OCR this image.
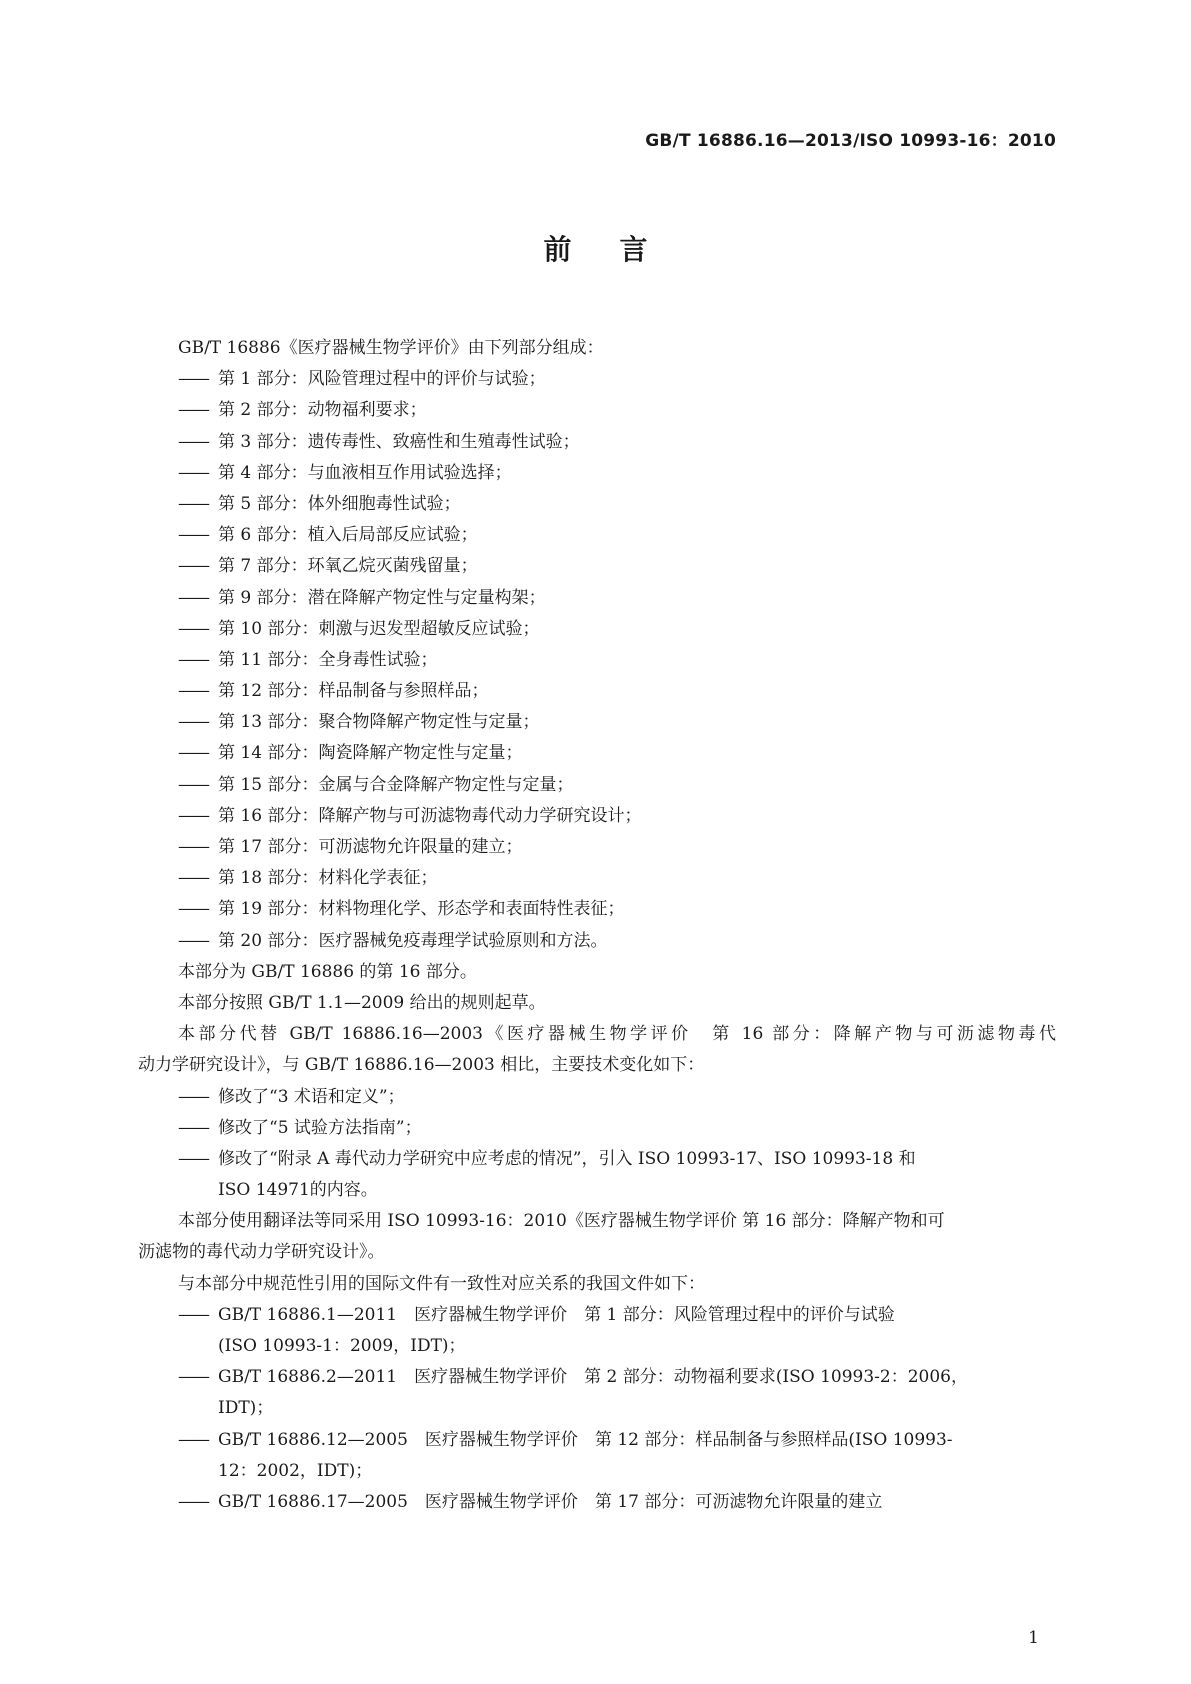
GB/T 16886.16—2013/ISO 10993-16：2010
前言
GB/T 16886《医疗器械生物学评价》由下列部分组成：
—— 第 1 部分：风险管理过程中的评价与试验；
—— 第 2 部分：动物福利要求；
—— 第 3 部分：遗传毒性、致癌性和生殖毒性试验；
—— 第 4 部分：与血液相互作用试验选择；
—— 第 5 部分：体外细胞毒性试验；
—— 第 6 部分：植入后局部反应试验；
—— 第 7 部分：环氧乙烷灭菌残留量；
—— 第 9 部分：潜在降解产物定性与定量构架；
—— 第 10 部分：刺激与迟发型超敏反应试验；
—— 第 11 部分：全身毒性试验；
—— 第 12 部分：样品制备与参照样品；
—— 第 13 部分：聚合物降解产物定性与定量；
—— 第 14 部分：陶瓷降解产物定性与定量；
—— 第 15 部分：金属与合金降解产物定性与定量；
—— 第 16 部分：降解产物与可沥滤物毒代动力学研究设计；
—— 第 17 部分：可沥滤物允许限量的建立；
—— 第 18 部分：材料化学表征；
—— 第 19 部分：材料物理化学、形态学和表面特性表征；
—— 第 20 部分：医疗器械免疫毒理学试验原则和方法。
本部分为 GB/T 16886 的第 16 部分。
本部分按照 GB/T 1.1—2009 给出的规则起草。
本部分代替 GB/T 16886.16—2003《医疗器械生物学评价　第 16 部分：降解产物与可沥滤物毒代
动力学研究设计》，与 GB/T 16886.16—2003 相比，主要技术变化如下：
—— 修改了“3 术语和定义”；
—— 修改了“5 试验方法指南”；
—— 修改了“附录 A 毒代动力学研究中应考虑的情况”，引入 ISO 10993-17、ISO 10993-18 和
ISO 14971的内容。
本部分使用翻译法等同采用 ISO 10993-16：2010《医疗器械生物学评价 第 16 部分：降解产物和可
沥滤物的毒代动力学研究设计》。
与本部分中规范性引用的国际文件有一致性对应关系的我国文件如下：
—— GB/T 16886.1—2011　医疗器械生物学评价　第 1 部分：风险管理过程中的评价与试验
(ISO 10993-1：2009，IDT)；
—— GB/T 16886.2—2011　医疗器械生物学评价　第 2 部分：动物福利要求(ISO 10993-2：2006，
IDT)；
—— GB/T 16886.12—2005　医疗器械生物学评价　第 12 部分：样品制备与参照样品(ISO 10993-
12：2002，IDT)；
—— GB/T 16886.17—2005　医疗器械生物学评价　第 17 部分：可沥滤物允许限量的建立
1
